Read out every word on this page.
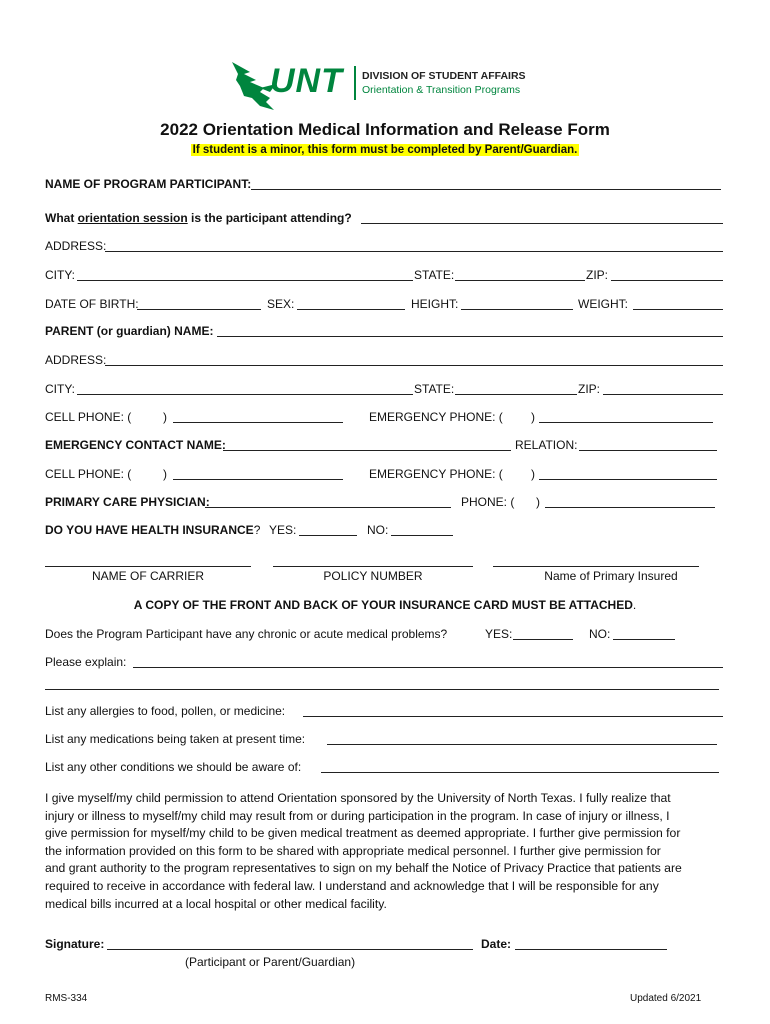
UNT DIVISION OF STUDENT AFFAIRS
Orientation & Transition Programs
2022 Orientation Medical Information and Release Form
If student is a minor, this form must be completed by Parent/Guardian.
NAME OF PROGRAM PARTICIPANT:
What orientation session is the participant attending?
ADDRESS:
CITY:	STATE:	ZIP:
DATE OF BIRTH:	SEX:	HEIGHT:	WEIGHT:
PARENT (or guardian) NAME:
ADDRESS:
CITY:	STATE:	ZIP:
CELL PHONE: (	)	EMERGENCY PHONE: ( )
EMERGENCY CONTACT NAME:	RELATION:
CELL PHONE: (	)	EMERGENCY PHONE: ( )
PRIMARY CARE PHYSICIAN:	PHONE: ( )
DO YOU HAVE HEALTH INSURANCE? YES:	NO:
NAME OF CARRIER	POLICY NUMBER	Name of Primary Insured
A COPY OF THE FRONT AND BACK OF YOUR INSURANCE CARD MUST BE ATTACHED.
Does the Program Participant have any chronic or acute medical problems?	YES:	NO:
Please explain:
List any allergies to food, pollen, or medicine:
List any medications being taken at present time:
List any other conditions we should be aware of:

I give myself/my child permission to attend Orientation sponsored by the University of North Texas. I fully realize that

injury or illness to myself/my child may result from or during participation in the program. In case of injury or illness, I

give permission for myself/my child to be given medical treatment as deemed appropriate. I further give permission for

the information provided on this form to be shared with appropriate medical personnel. I further give permission for

and grant authority to the program representatives to sign on my behalf the Notice of Privacy Practice that patients are

required to receive in accordance with federal law. I understand and acknowledge that I will be responsible for any

medical bills incurred at a local hospital or other medical facility.

Signature:	Date:
(Participant or Parent/Guardian)
RMS-334	Updated 6/2021
